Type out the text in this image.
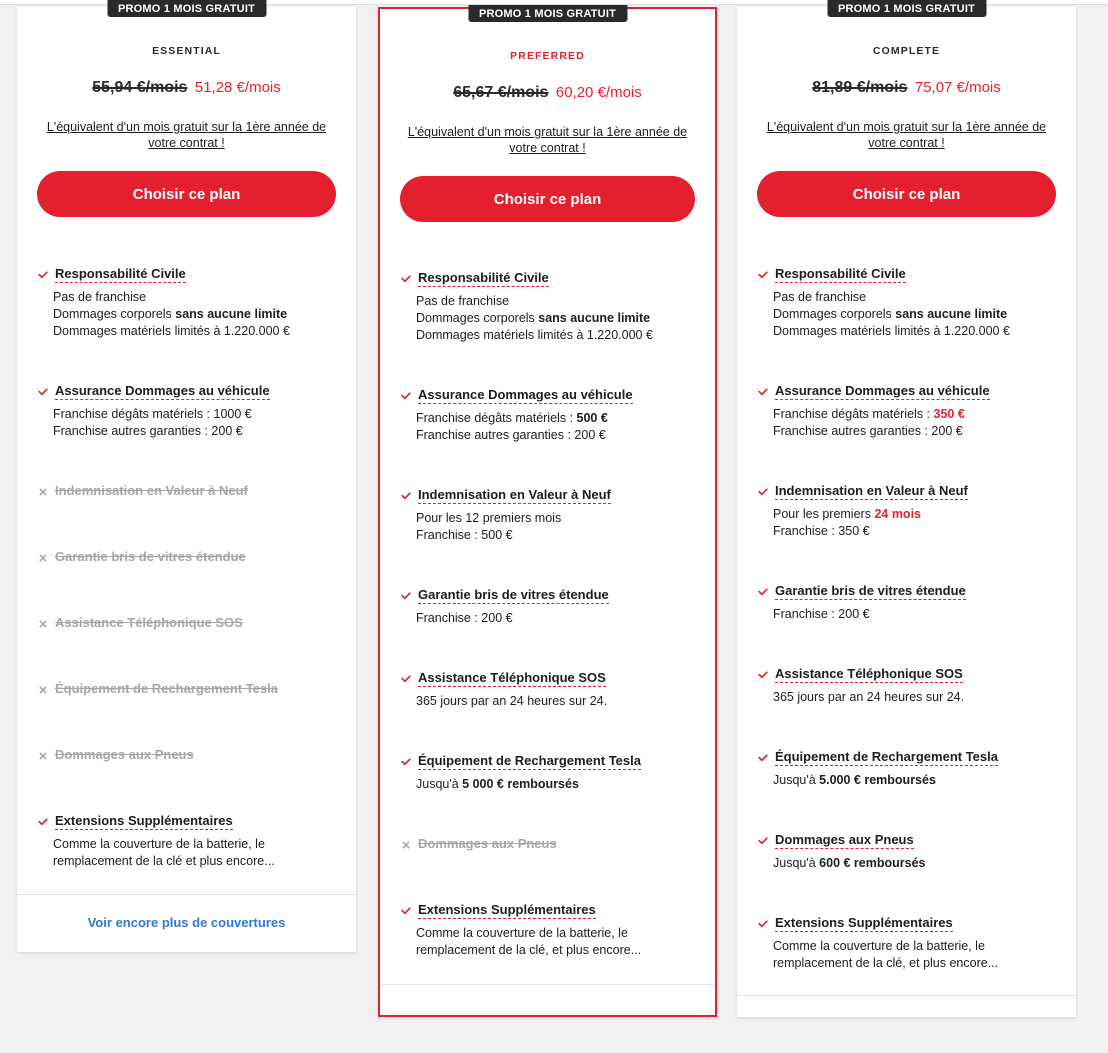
PROMO 1 MOIS GRATUIT
ESSENTIAL
55,94 €/mois 51,28 €/mois
L'équivalent d'un mois gratuit sur la 1ère année de votre contrat !
Choisir ce plan
Voir encore plus de couvertures
Responsabilité Civile
Pas de franchise
Dommages corporels sans aucune limite
Dommages matériels limités à 1.220.000 €
Assurance Dommages au véhicule
Franchise dégâts matériels : 1000 €
Franchise autres garanties : 200 €
Indemnisation en Valeur à Neuf
Garantie bris de vitres étendue
Assistance Téléphonique SOS
Équipement de Rechargement Tesla
Dommages aux Pneus
Extensions Supplémentaires
Comme la couverture de la batterie, le
remplacement de la clé et plus encore...
PROMO 1 MOIS GRATUIT
PREFERRED
65,67 €/mois 60,20 €/mois
L'équivalent d'un mois gratuit sur la 1ère année de votre contrat !
Choisir ce plan
Responsabilité Civile
Pas de franchise
Dommages corporels sans aucune limite
Dommages matériels limités à 1.220.000 €
Assurance Dommages au véhicule
Franchise dégâts matériels : 500 €
Franchise autres garanties : 200 €
Indemnisation en Valeur à Neuf
Pour les 12 premiers mois
Franchise : 500 €
Garantie bris de vitres étendue
Franchise : 200 €
Assistance Téléphonique SOS
365 jours par an 24 heures sur 24.
Équipement de Rechargement Tesla
Jusqu'à 5 000 € remboursés
Dommages aux Pneus
Extensions Supplémentaires
Comme la couverture de la batterie, le
remplacement de la clé, et plus encore...
PROMO 1 MOIS GRATUIT
COMPLETE
81,89 €/mois 75,07 €/mois
L'équivalent d'un mois gratuit sur la 1ère année de votre contrat !
Choisir ce plan
Responsabilité Civile
Pas de franchise
Dommages corporels sans aucune limite
Dommages matériels limités à 1.220.000 €
Assurance Dommages au véhicule
Franchise dégâts matériels : 350 €
Franchise autres garanties : 200 €
Indemnisation en Valeur à Neuf
Pour les premiers 24 mois
Franchise : 350 €
Garantie bris de vitres étendue
Franchise : 200 €
Assistance Téléphonique SOS
365 jours par an 24 heures sur 24.
Équipement de Rechargement Tesla
Jusqu'à 5.000 € remboursés
Dommages aux Pneus
Jusqu'à 600 € remboursés
Extensions Supplémentaires
Comme la couverture de la batterie, le
remplacement de la clé, et plus encore...
